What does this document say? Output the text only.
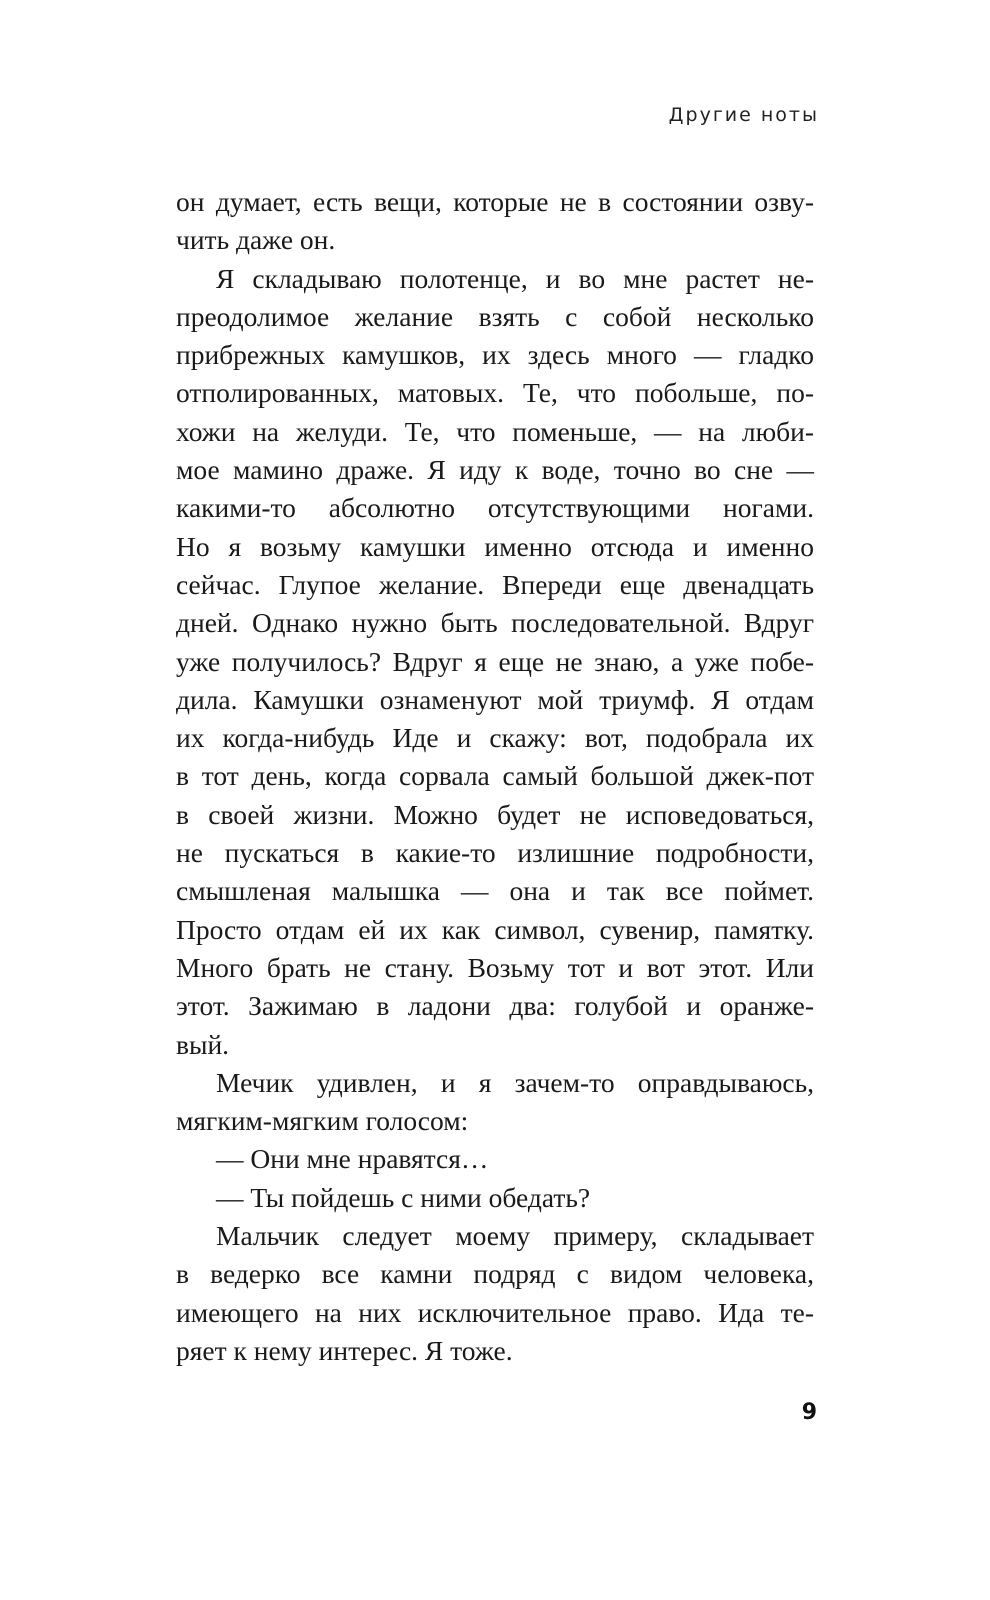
Другие ноты
он думает, есть вещи, которые не в состоянии озву-
чить даже он.
Я складываю полотенце, и во мне растет не-
преодолимое желание взять с собой несколько
прибрежных камушков, их здесь много — гладко
отполированных, матовых. Те, что побольше, по-
хожи на желуди. Те, что поменьше, — на люби-
мое мамино драже. Я иду к воде, точно во сне —
какими-то абсолютно отсутствующими ногами.
Но я возьму камушки именно отсюда и именно
сейчас. Глупое желание. Впереди еще двенадцать
дней. Однако нужно быть последовательной. Вдруг
уже получилось? Вдруг я еще не знаю, а уже побе-
дила. Камушки ознаменуют мой триумф. Я отдам
их когда-нибудь Иде и скажу: вот, подобрала их
в тот день, когда сорвала самый большой джек-пот
в своей жизни. Можно будет не исповедоваться,
не пускаться в какие-то излишние подробности,
смышленая малышка — она и так все поймет.
Просто отдам ей их как символ, сувенир, памятку.
Много брать не стану. Возьму тот и вот этот. Или
этот. Зажимаю в ладони два: голубой и оранже-
вый.
Мечик удивлен, и я зачем-то оправдываюсь,
мягким-мягким голосом:
— Они мне нравятся…
— Ты пойдешь с ними обедать?
Мальчик следует моему примеру, складывает
в ведерко все камни подряд с видом человека,
имеющего на них исключительное право. Ида те-
ряет к нему интерес. Я тоже.
9
